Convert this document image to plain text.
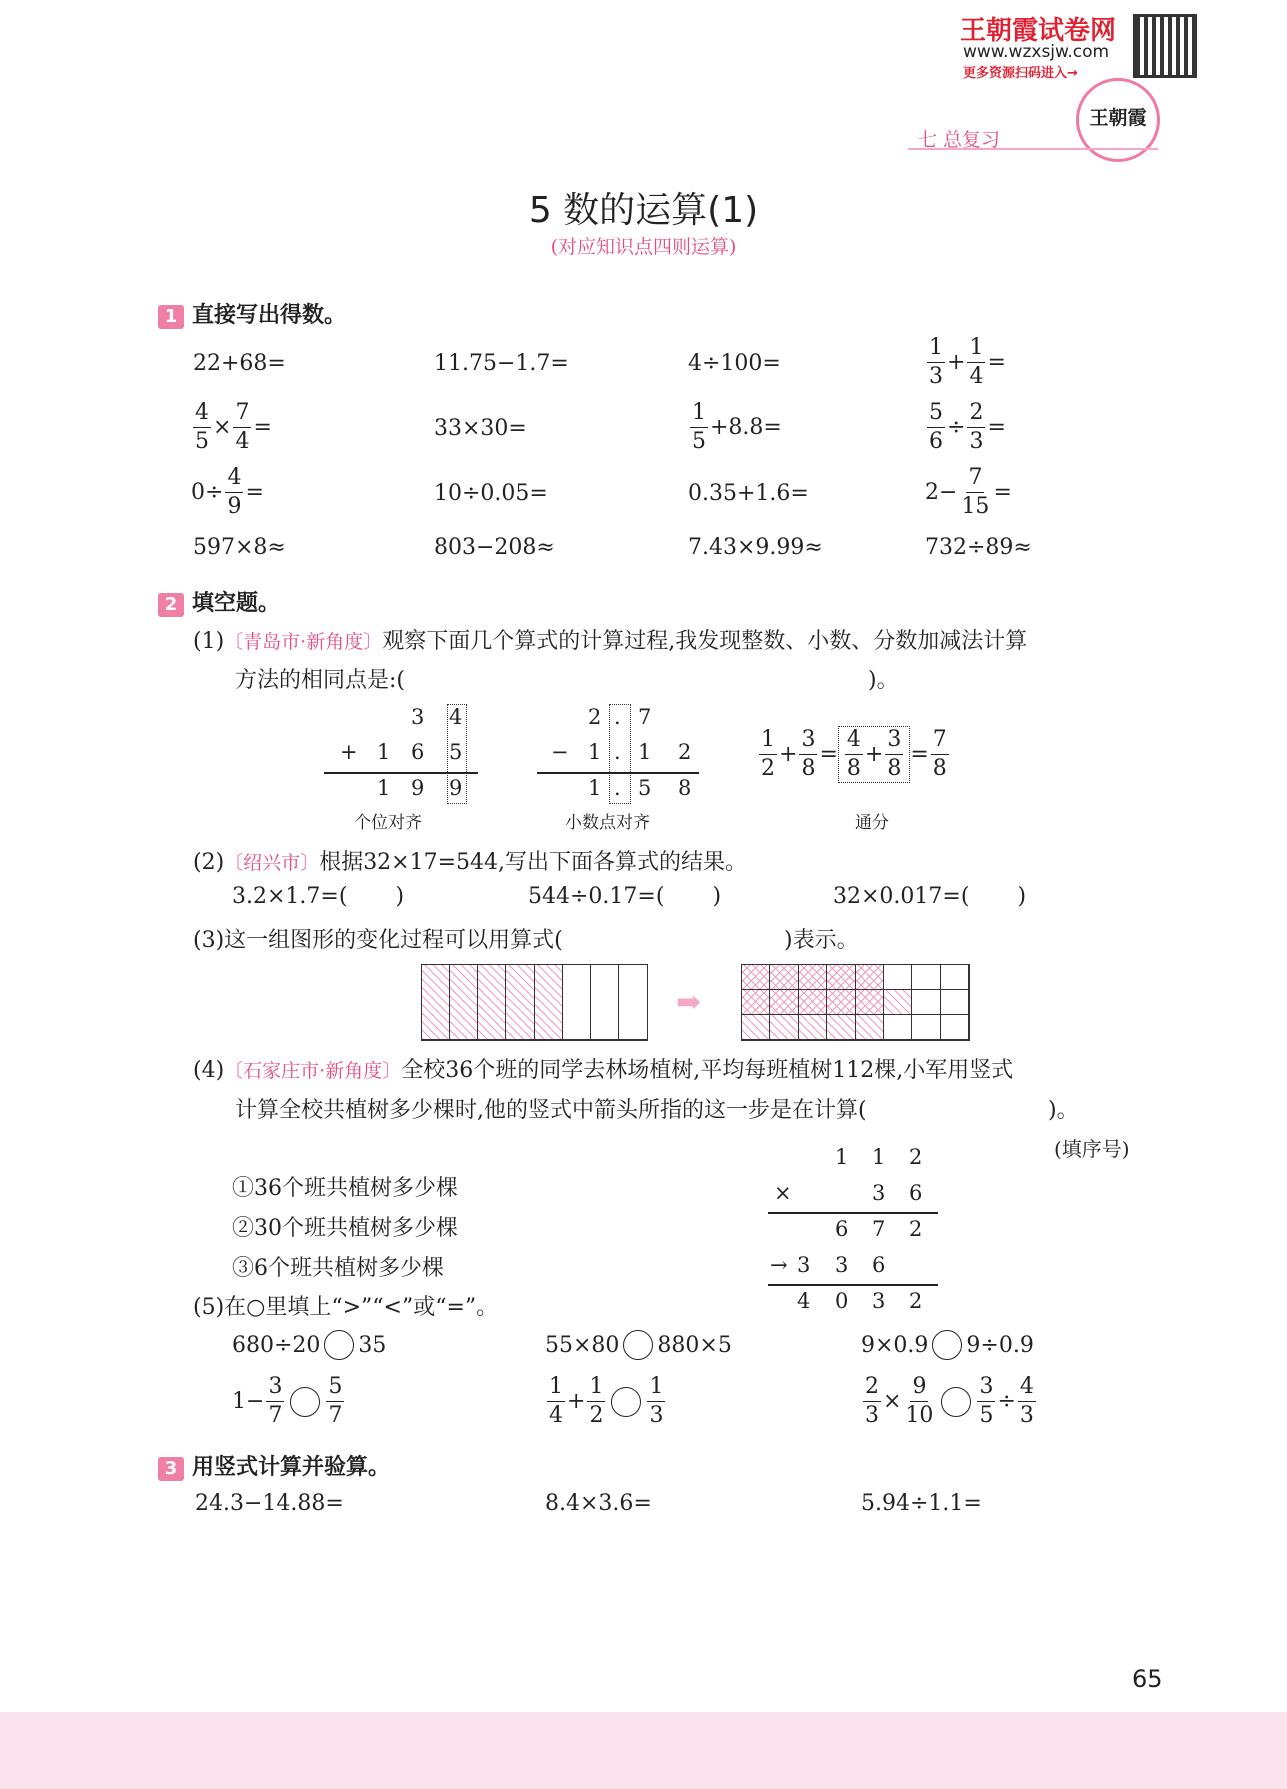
王朝霞试卷网
www.wzxsjw.com
更多资源扫码进入→
王朝霞
七 总复习
5 数的运算(1)
(对应知识点四则运算)
1 直接写出得数。
22+68=	11.75−1.7=	4÷100=	$\frac{1}{3} + \frac{1}{4}$ =
$\frac{4}{5} \times \frac{7}{4}$ =	33×30=	$\frac{1}{5} +8.8=$	$\frac{5}{6} \div \frac{2}{3}$ =
$0\div \frac{4}{9}$ =	10÷0.05=	0.35+1.6=	$2- \frac{7}{15}$ =
597×8≈	803−208≈	7.43×9.99≈	732÷89≈
2 填空题。
(1)〔青岛市·新角度〕观察下面几个算式的计算过程,我发现整数、小数、分数加减法计算
方法的相同点是:(	)。
3 4
+ 1 6 5
1 9 9
个位对齐
2 . 7
− 1 . 1 2
1 . 5 8
小数点对齐
$\frac{1}{2} + \frac{3}{8} = \frac{4}{8} + \frac{3}{8} = \frac{7}{8}$
通分
(2)〔绍兴市〕根据32×17=544,写出下面各算式的结果。
3.2×1.7=( )	544÷0.17=( )	32×0.017=( )
(3)这一组图形的变化过程可以用算式(	)表示。
➡
(4)〔石家庄市·新角度〕全校36个班的同学去林场植树,平均每班植树112棵,小军用竖式
计算全校共植树多少棵时,他的竖式中箭头所指的这一步是在计算(	)。
(填序号)
①36个班共植树多少棵
②30个班共植树多少棵
③6个班共植树多少棵
1 1 2
×	3 6
6 7 2
→ 3 3 6
4 0 3 2
(5)在○里填上“>”“<”或“=”。
680÷20 35	55×80 880×5	9×0.9 9÷0.9
$1- \frac{3}{7} \frac{5}{7}$	$\frac{1}{4} + \frac{1}{2} \frac{1}{3}$	$\frac{2}{3} \times \frac{9}{10} \frac{3}{5} \div \frac{4}{3}$
3 用竖式计算并验算。
24.3−14.88=	8.4×3.6=	5.94÷1.1=
65
